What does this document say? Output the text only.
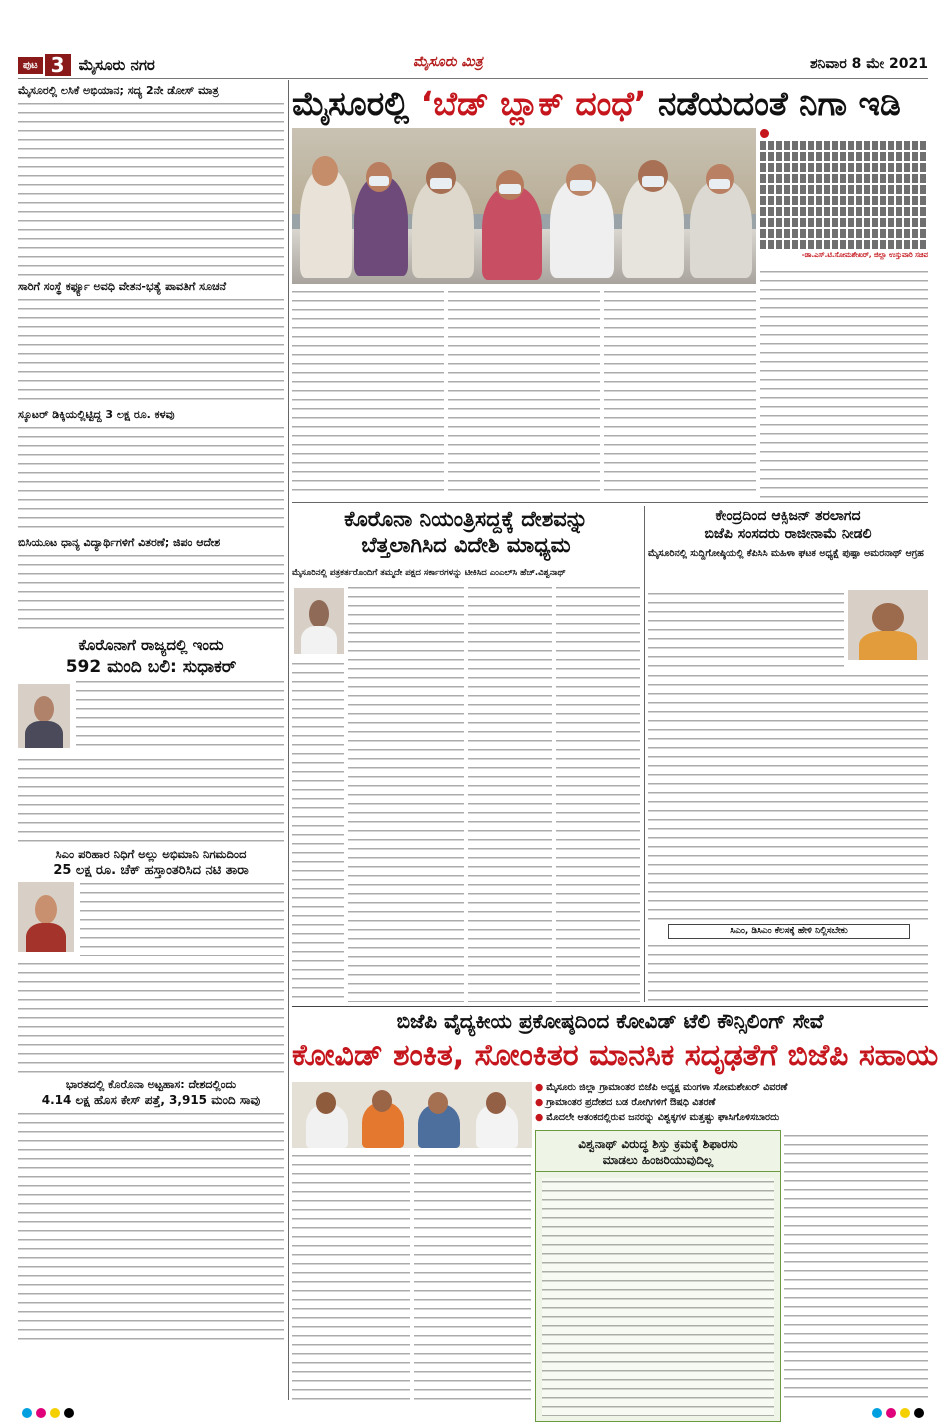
ಪುಟ 3 ಮೈಸೂರು ನಗರ	ಮೈಸೂರು ಮಿತ್ರ	ಶನಿವಾರ 8 ಮೇ 2021
ಮೈಸೂರಲ್ಲಿ ಲಸಿಕೆ ಅಭಿಯಾನ; ಸದ್ಯ 2ನೇ ಡೋಸ್ ಮಾತ್ರ
ಸಾರಿಗೆ ಸಂಸ್ಥೆ ಕರ್ಫ್ಯೂ ಅವಧಿ ವೇತನ-ಭತ್ಯೆ ಪಾವತಿಗೆ ಸೂಚನೆ
ಸ್ಕೂಟರ್ ಡಿಕ್ಕಿಯಲ್ಲಿಟ್ಟಿದ್ದ 3 ಲಕ್ಷ ರೂ. ಕಳವು
ಬಿಸಿಯೂಟ ಧಾನ್ಯ ವಿದ್ಯಾರ್ಥಿಗಳಿಗೆ ವಿತರಣೆ; ಜಿಪಂ ಆದೇಶ
ಕೊರೊನಾಗೆ ರಾಜ್ಯದಲ್ಲಿ ಇಂದು
592 ಮಂದಿ ಬಲಿ: ಸುಧಾಕರ್
ಸಿಎಂ ಪರಿಹಾರ ನಿಧಿಗೆ ಅಲ್ಲು ಅಭಿಮಾನಿ ನಿಗಮದಿಂದ
25 ಲಕ್ಷ ರೂ. ಚೆಕ್ ಹಸ್ತಾಂತರಿಸಿದ ನಟಿ ತಾರಾ
ಭಾರತದಲ್ಲಿ ಕೊರೊನಾ ಅಟ್ಟಹಾಸ: ದೇಶದಲ್ಲಿಂದು
4.14 ಲಕ್ಷ ಹೊಸ ಕೇಸ್ ಪತ್ತೆ, 3,915 ಮಂದಿ ಸಾವು
ಮೈಸೂರಲ್ಲಿ ‘ಬೆಡ್ ಬ್ಲಾಕ್ ದಂಧೆ’ ನಡೆಯದಂತೆ ನಿಗಾ ಇಡಿ
-ಡಾ.ಎಸ್.ಟಿ.ಸೋಮಶೇಖರ್, ಜಿಲ್ಲಾ ಉಸ್ತುವಾರಿ ಸಚಿವ
ಕೊರೊನಾ ನಿಯಂತ್ರಿಸದ್ದಕ್ಕೆ ದೇಶವನ್ನು
ಬೆತ್ತಲಾಗಿಸಿದ ವಿದೇಶಿ ಮಾಧ್ಯಮ
ಮೈಸೂರಿನಲ್ಲಿ ಪತ್ರಕರ್ತರೊಂದಿಗೆ ತಮ್ಮದೇ ಪಕ್ಷದ ಸರ್ಕಾರಗಳನ್ನು ಟೀಕಿಸಿದ ಎಂಎಲ್‌ಸಿ ಹೆಚ್.ವಿಶ್ವನಾಥ್
ಕೇಂದ್ರದಿಂದ ಆಕ್ಸಿಜನ್ ತರಲಾಗದ
ಬಿಜೆಪಿ ಸಂಸದರು ರಾಜೀನಾಮೆ ನೀಡಲಿ
ಮೈಸೂರಿನಲ್ಲಿ ಸುದ್ದಿಗೋಷ್ಠಿಯಲ್ಲಿ ಕೆಪಿಸಿಸಿ ಮಹಿಳಾ ಘಟಕ ಅಧ್ಯಕ್ಷೆ ಪುಷ್ಪಾ ಅಮರನಾಥ್ ಆಗ್ರಹ
ಸಿಎಂ, ಡಿಸಿಎಂ ಕೆಲಸಕ್ಕೆ ಹೇಳಿ ನಿಲ್ಲಿಸಬೇಕು
ಬಿಜೆಪಿ ವೈದ್ಯಕೀಯ ಪ್ರಕೋಷ್ಠದಿಂದ ಕೋವಿಡ್ ಟೆಲಿ ಕೌನ್ಸಿಲಿಂಗ್ ಸೇವೆ
ಕೋವಿಡ್ ಶಂಕಿತ, ಸೋಂಕಿತರ ಮಾನಸಿಕ ಸದೃಢತೆಗೆ ಬಿಜೆಪಿ ಸಹಾಯ
● ಮೈಸೂರು ಜಿಲ್ಲಾ ಗ್ರಾಮಾಂತರ ಬಿಜೆಪಿ ಅಧ್ಯಕ್ಷ ಮಂಗಳಾ ಸೋಮಶೇಖರ್ ವಿವರಣೆ
● ಗ್ರಾಮಾಂತರ ಪ್ರದೇಶದ ಬಡ ರೋಗಿಗಳಿಗೆ ಔಷಧಿ ವಿತರಣೆ
● ಮೊದಲೇ ಆತಂಕದಲ್ಲಿರುವ ಜನರನ್ನು ವಿಶ್ವಕ್ಕಗಳ ಮತ್ತಷ್ಟು ಘಾಸಿಗೊಳಿಸಬಾರದು
ವಿಶ್ವನಾಥ್ ವಿರುದ್ಧ ಶಿಸ್ತು ಕ್ರಮಕ್ಕೆ ಶಿಫಾರಸು
ಮಾಡಲು ಹಿಂಜರಿಯುವುದಿಲ್ಲ
